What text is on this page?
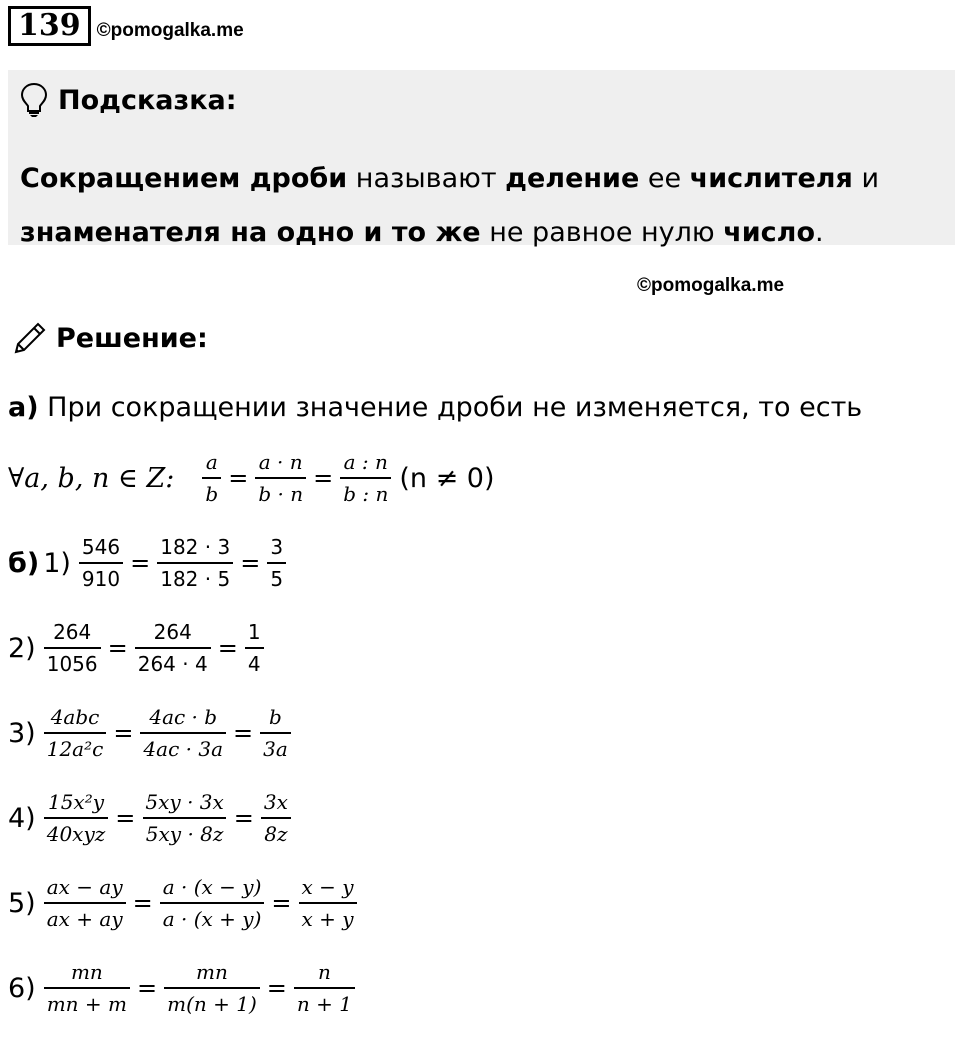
139 ©pomogalka.me
Подсказка:
Сокращением дроби называют деление ее числителя и
знаменателя на одно и то же не равное нулю число.
©pomogalka.me
Решение:
а) При сокращении значение дроби не изменяется, то есть
∀a, b, n ∈ Z: $\frac{a}{b} = \frac{a \cdot n}{b \cdot n} = \frac{a : n}{b : n} (n \ne 0)$
б) $1) \frac{546}{910} = \frac{182 \cdot 3}{182 \cdot 5} = \frac{3}{5}$
$2) \frac{264}{1056} = \frac{264}{264 \cdot 4} = \frac{1}{4}$
$3) \frac{\text{4abc}}{\text{12a²c}} = \frac{4ac \cdot b}{4ac \cdot 3a} = \frac{b}{3a}$
$4) \frac{\text{15x²y}}{\text{40xyz}} = \frac{5xy \cdot 3x}{5xy \cdot 8z} = \frac{3x}{8z}$
$5) \frac{ax - ay}{ax + ay} = \frac{a \cdot (x - y)}{a \cdot (x + y)} = \frac{x - y}{x + y}$
$6) \frac{mn}{mn + m} = \frac{mn}{m(n + 1)} = \frac{n}{n + 1}$
